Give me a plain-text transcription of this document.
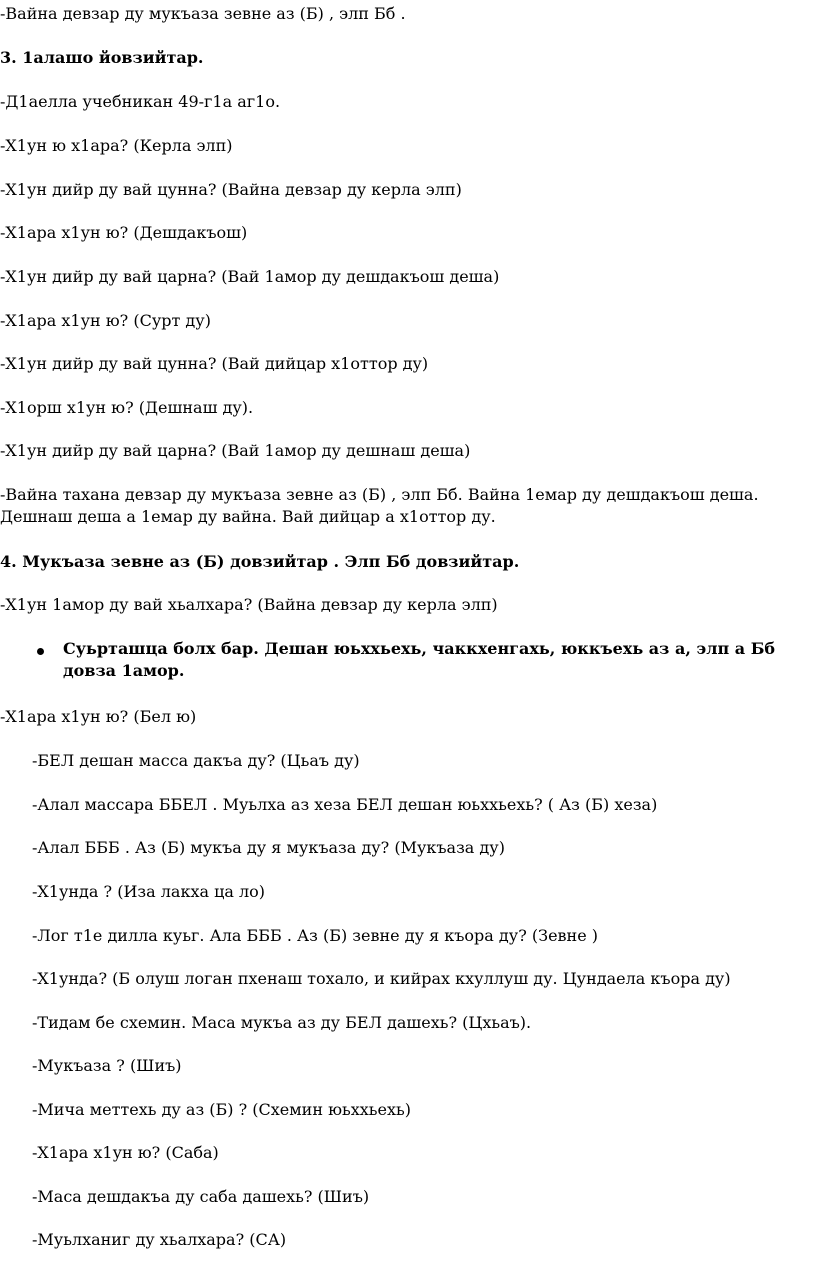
-Вайна девзар ду мукъаза зевне аз (Б) , элп Бб .
3. 1алашо йовзийтар.
-Д1аелла учебникан 49-г1а аг1о.
-Х1ун ю х1ара? (Керла элп)
-Х1ун дийр ду вай цунна? (Вайна девзар ду керла элп)
-Х1ара х1ун ю? (Дешдакъош)
-Х1ун дийр ду вай царна? (Вай 1амор ду дешдакъош деша)
-Х1ара х1ун ю? (Сурт ду)
-Х1ун дийр ду вай цунна? (Вай дийцар х1оттор ду)
-Х1орш х1ун ю? (Дешнаш ду).
-Х1ун дийр ду вай царна? (Вай 1амор ду дешнаш деша)
-Вайна тахана девзар ду мукъаза зевне аз (Б) , элп Бб. Вайна 1емар ду дешдакъош деша. Дешнаш деша а 1емар ду вайна. Вай дийцар а х1оттор ду.
4. Мукъаза зевне аз (Б) довзийтар . Элп Бб довзийтар.
-Х1ун 1амор ду вай хьалхара? (Вайна девзар ду керла элп)
Суьрташца болх бар. Дешан юьххьехь, чаккхенгахь, юккъехь аз а, элп а Бб довза 1амор.
-Х1ара х1ун ю? (Бел ю)
-БЕЛ дешан масса дакъа ду? (Цьаъ ду)
-Алал массара ББЕЛ . Муьлха аз хеза БЕЛ дешан юьххьехь? ( Аз (Б) хеза)
-Алал БББ . Аз (Б) мукъа ду я мукъаза ду? (Мукъаза ду)
-Х1унда ? (Иза лакха ца ло)
-Лог т1е дилла куьг. Ала БББ . Аз (Б) зевне ду я къора ду? (Зевне )
-Х1унда? (Б олуш логан пхенаш тохало, и кийрах кхуллуш ду. Цундаела къора ду)
-Тидам бе схемин. Маса мукъа аз ду БЕЛ дашехь? (Цхьаъ).
-Мукъаза ? (Шиъ)
-Мича меттехь ду аз (Б) ? (Схемин юьххьехь)
-Х1ара х1ун ю? (Саба)
-Маса дешдакъа ду саба дашехь? (Шиъ)
-Муьлханиг ду хьалхара? (СА)
